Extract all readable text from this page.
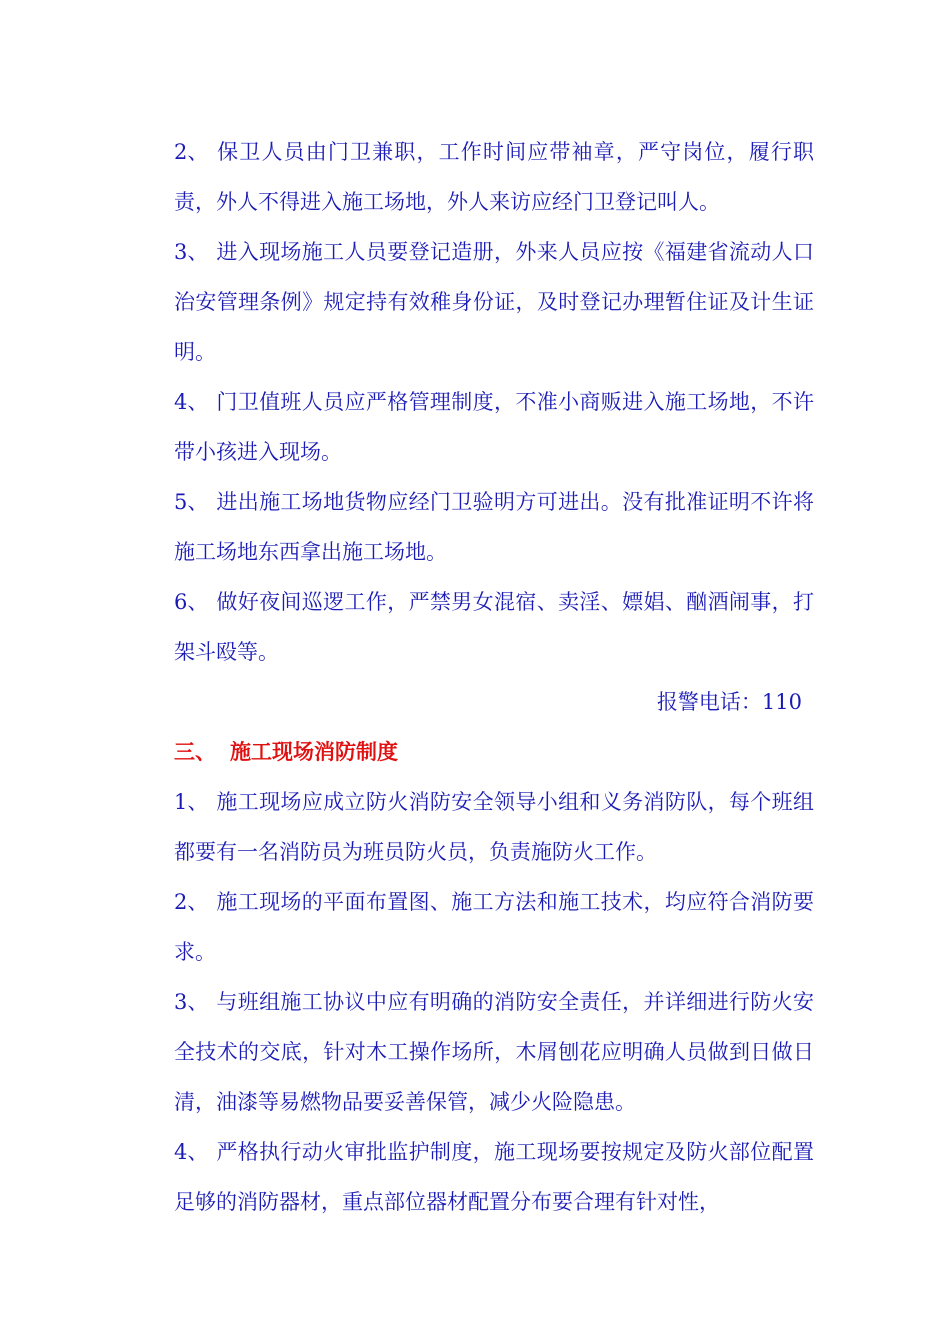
2、 保卫人员由门卫兼职，工作时间应带袖章，严守岗位，履行职责，外人不得进入施工场地，外人来访应经门卫登记叫人。

3、 进入现场施工人员要登记造册，外来人员应按《福建省流动人口治安管理条例》规定持有效稚身份证，及时登记办理暂住证及计生证明。

4、 门卫值班人员应严格管理制度，不准小商贩进入施工场地，不许带小孩进入现场。

5、 进出施工场地货物应经门卫验明方可进出。没有批准证明不许将施工场地东西拿出施工场地。

6、 做好夜间巡逻工作，严禁男女混宿、卖淫、嫖娼、酗酒闹事，打架斗殴等。

报警电话：110

三、 施工现场消防制度

1、 施工现场应成立防火消防安全领导小组和义务消防队，每个班组都要有一名消防员为班员防火员，负责施防火工作。

2、 施工现场的平面布置图、施工方法和施工技术，均应符合消防要求。

3、 与班组施工协议中应有明确的消防安全责任，并详细进行防火安全技术的交底，针对木工操作场所，木屑刨花应明确人员做到日做日清，油漆等易燃物品要妥善保管，减少火险隐患。

4、 严格执行动火审批监护制度，施工现场要按规定及防火部位配置足够的消防器材，重点部位器材配置分布要合理有针对性，
